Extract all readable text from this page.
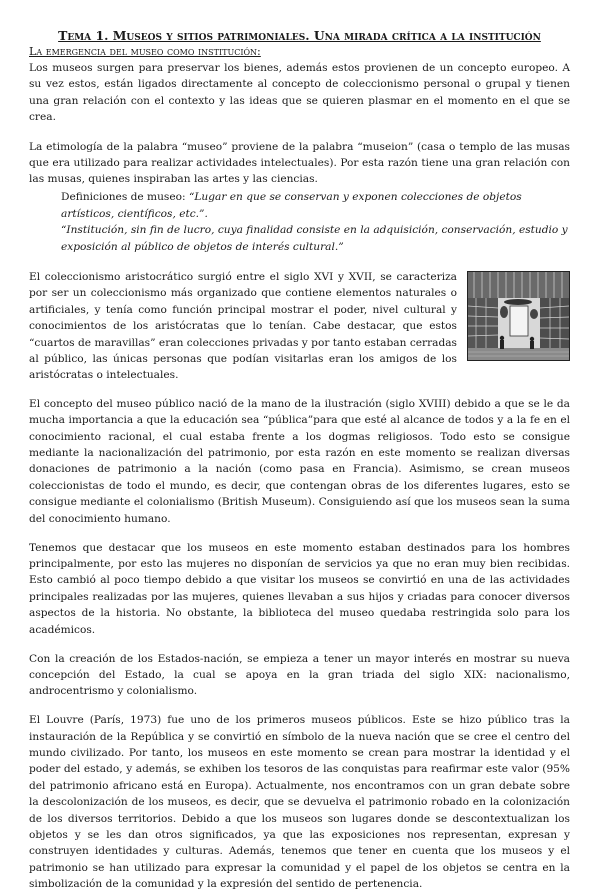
Tema 1. Museos y sitios patrimoniales. Una mirada crítica a la institución
La emergencia del museo como institución:

Los museos surgen para preservar los bienes, además estos provienen de un concepto europeo. A su vez estos, están ligados directamente al concepto de coleccionismo personal o grupal y tienen una gran relación con el contexto y las ideas que se quieren plasmar en el momento en el que se crea.

La etimología de la palabra “museo” proviene de la palabra “museion” (casa o templo de las musas que era utilizado para realizar actividades intelectuales). Por esta razón tiene una gran relación con las musas, quienes inspiraban las artes y las ciencias.

Definiciones de museo: “Lugar en que se conservan y exponen colecciones de objetos artísticos, científicos, etc.”.
“Institución, sin fin de lucro, cuya finalidad consiste en la adquisición, conservación, estudio y exposición al público de objetos de interés cultural.”

El coleccionismo aristocrático surgió entre el siglo XVI y XVII, se caracteriza por ser un coleccionismo más organizado que contiene elementos naturales o artificiales, y tenía como función principal mostrar el poder, nivel cultural y conocimientos de los aristócratas que lo tenían. Cabe destacar, que estos “cuartos de maravillas” eran colecciones privadas y por tanto estaban cerradas al público, las únicas personas que podían visitarlas eran los amigos de los aristócratas o intelectuales.

El concepto del museo público nació de la mano de la ilustración (siglo XVIII) debido a que se le da mucha importancia a que la educación sea “pública”para que esté al alcance de todos y a la fe en el conocimiento racional, el cual estaba frente a los dogmas religiosos. Todo esto se consigue mediante la nacionalización del patrimonio, por esta razón en este momento se realizan diversas donaciones de patrimonio a la nación (como pasa en Francia). Asimismo, se crean museos coleccionistas de todo el mundo, es decir, que contengan obras de los diferentes lugares, esto se consigue mediante el colonialismo (British Museum). Consiguiendo así que los museos sean la suma del conocimiento humano.

Tenemos que destacar que los museos en este momento estaban destinados para los hombres principalmente, por esto las mujeres no disponían de servicios ya que no eran muy bien recibidas. Esto cambió al poco tiempo debido a que visitar los museos se convirtió en una de las actividades principales realizadas por las mujeres, quienes llevaban a sus hijos y criadas para conocer diversos aspectos de la historia. No obstante, la biblioteca del museo quedaba restringida solo para los académicos.

Con la creación de los Estados-nación, se empieza a tener un mayor interés en mostrar su nueva concepción del Estado, la cual se apoya en la gran triada del siglo XIX: nacionalismo, androcentrismo y colonialismo.

El Louvre (París, 1973) fue uno de los primeros museos públicos. Este se hizo público tras la instauración de la República y se convirtió en símbolo de la nueva nación que se cree el centro del mundo civilizado. Por tanto, los museos en este momento se crean para mostrar la identidad y el poder del estado, y además, se exhiben los tesoros de las conquistas para reafirmar este valor (95% del patrimonio africano está en Europa). Actualmente, nos encontramos con un gran debate sobre la descolonización de los museos, es decir, que se devuelva el patrimonio robado en la colonización de los diversos territorios. Debido a que los museos son lugares donde se descontextualizan los objetos y se les dan otros significados, ya que las exposiciones nos representan, expresan y construyen identidades y culturas. Además, tenemos que tener en cuenta que los museos y el patrimonio se han utilizado para expresar la comunidad y el papel de los objetos se centra en la simbolización de la comunidad y la expresión del sentido de pertenencia.
